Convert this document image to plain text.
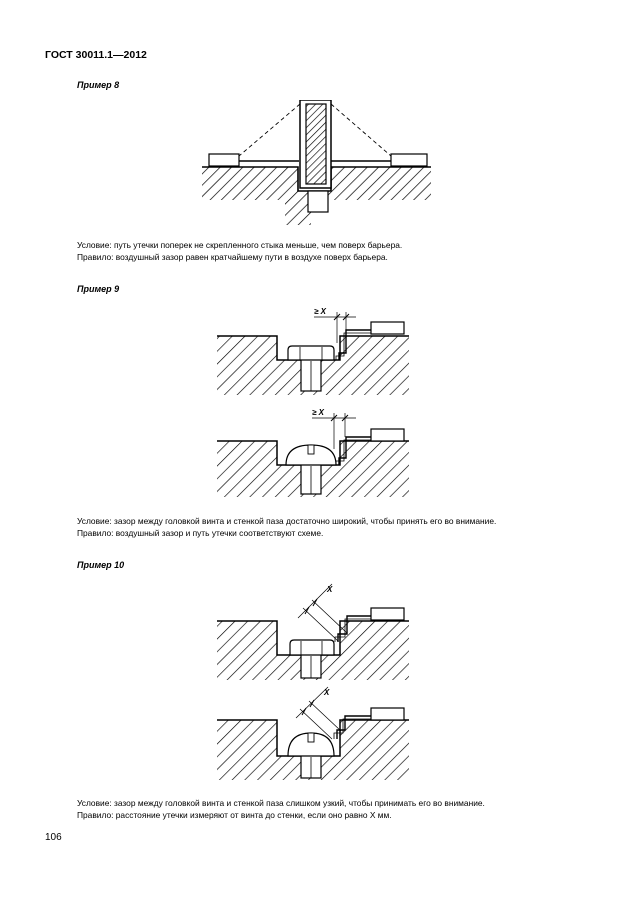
ГОСТ 30011.1—2012
Пример 8
Условие: путь утечки поперек не скрепленного стыка меньше, чем поверх барьера.
Правило: воздушный зазор равен кратчайшему пути в воздухе поверх барьера.
Пример 9
≥ X
≥ X
Условие: зазор между головкой винта и стенкой паза достаточно широкий, чтобы принять его во внимание.
Правило: воздушный зазор и путь утечки соответствуют схеме.
Пример 10
X
X
Условие: зазор между головкой винта и стенкой паза слишком узкий, чтобы принимать его во внимание.
Правило: расстояние утечки измеряют от винта до стенки, если оно равно X мм.
106
